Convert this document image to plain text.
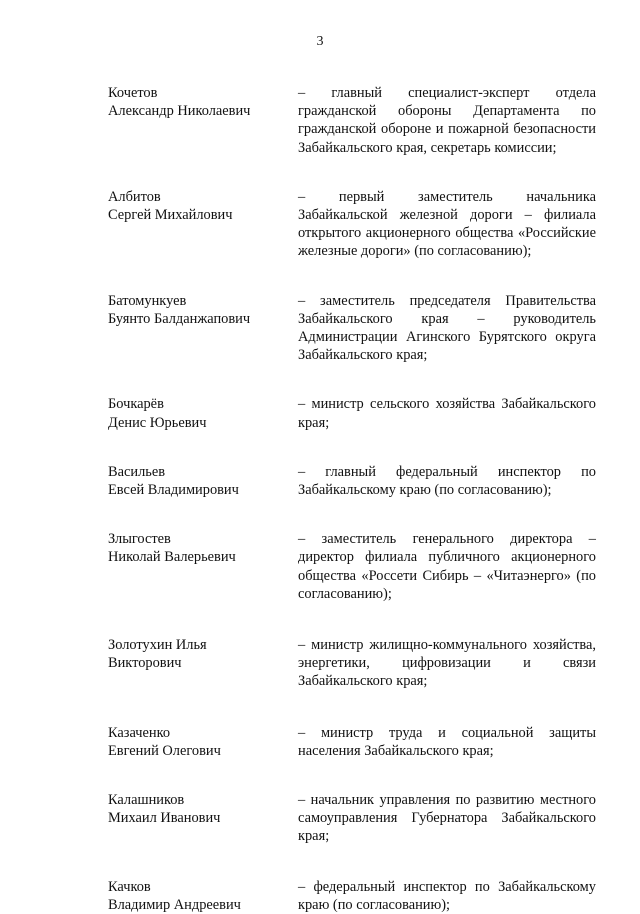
3
Кочетов
Александр Николаевич
– главный специалист-эксперт отдела гражданской обороны Департамента по гражданской обороне и пожарной безопасности Забайкальского края, секретарь комиссии;
Албитов
Сергей Михайлович
– первый заместитель начальника Забайкальской железной дороги – филиала открытого акционерного общества «Российские железные дороги» (по согласованию);
Батомункуев
Буянто Балданжапович
– заместитель председателя Правительства Забайкальского края – руководитель Администрации Агинского Бурятского округа Забайкальского края;
Бочкарёв
Денис Юрьевич
– министр сельского хозяйства Забайкальского края;
Васильев
Евсей Владимирович
– главный федеральный инспектор по Забайкальскому краю (по согласованию);
Злыгостев
Николай Валерьевич
– заместитель генерального директора – директор филиала публичного акционерного общества «Россети Сибирь – «Читаэнерго» (по согласованию);
Золотухин Илья
Викторович
– министр жилищно-коммунального хозяйства, энергетики, цифровизации и связи Забайкальского края;
Казаченко
Евгений Олегович
– министр труда и социальной защиты населения Забайкальского края;
Калашников
Михаил Иванович
– начальник управления по развитию местного самоуправления Губернатора Забайкальского края;
Качков
Владимир Андреевич
– федеральный инспектор по Забайкальскому краю (по согласованию);
